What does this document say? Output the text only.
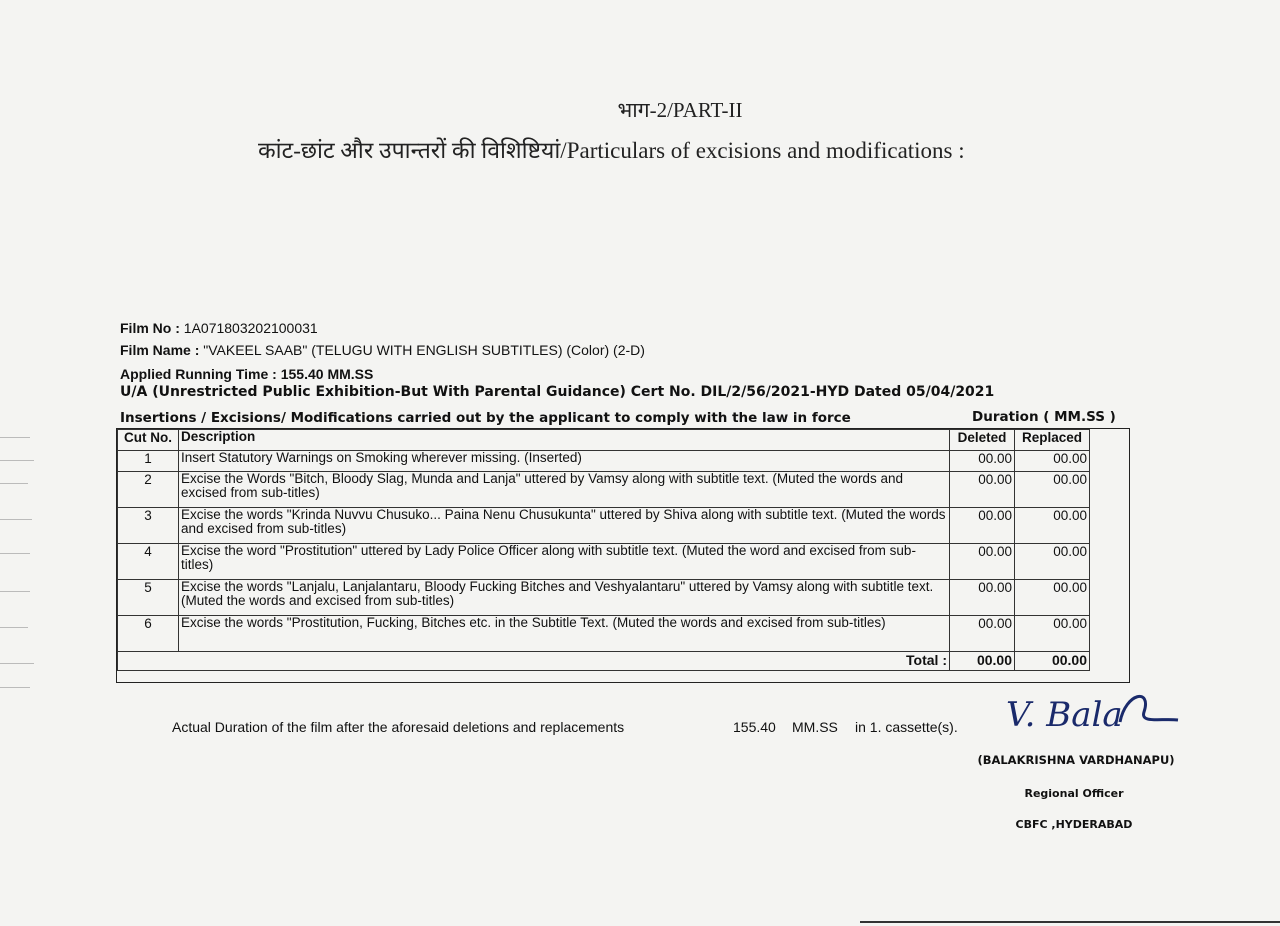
भाग-2/PART-II
कांट-छांट और उपान्तरों की विशिष्टियां/Particulars of excisions and modifications :
Film No : 1A071803202100031
Film Name : "VAKEEL SAAB" (TELUGU WITH ENGLISH SUBTITLES) (Color) (2-D)
Applied Running Time : 155.40 MM.SS
U/A (Unrestricted Public Exhibition-But With Parental Guidance) Cert No. DIL/2/56/2021-HYD Dated 05/04/2021
Insertions / Excisions/ Modifications carried out by the applicant to comply with the law in force	Duration ( MM.SS )
Cut No.	Description	Deleted	Replaced
1	Insert Statutory Warnings on Smoking wherever missing. (Inserted)	00.00	00.00
2	Excise the Words "Bitch, Bloody Slag, Munda and Lanja" uttered by Vamsy along with subtitle text. (Muted the words and excised from sub-titles)	00.00	00.00
3	Excise the words "Krinda Nuvvu Chusuko... Paina Nenu Chusukunta" uttered by Shiva along with subtitle text. (Muted the words and excised from sub-titles)	00.00	00.00
4	Excise the word "Prostitution" uttered by Lady Police Officer along with subtitle text. (Muted the word and excised from sub-titles)	00.00	00.00
5	Excise the words "Lanjalu, Lanjalantaru, Bloody Fucking Bitches and Veshyalantaru" uttered by Vamsy along with subtitle text. (Muted the words and excised from sub-titles)	00.00	00.00
6	Excise the words "Prostitution, Fucking, Bitches etc. in the Subtitle Text. (Muted the words and excised from sub-titles)	00.00	00.00
	Total :	00.00	00.00
Actual Duration of the film after the aforesaid deletions and replacements	155.40 MM.SS in 1. cassette(s). V. Bala
(BALAKRISHNA VARDHANAPU)
Regional Officer
CBFC ,HYDERABAD
